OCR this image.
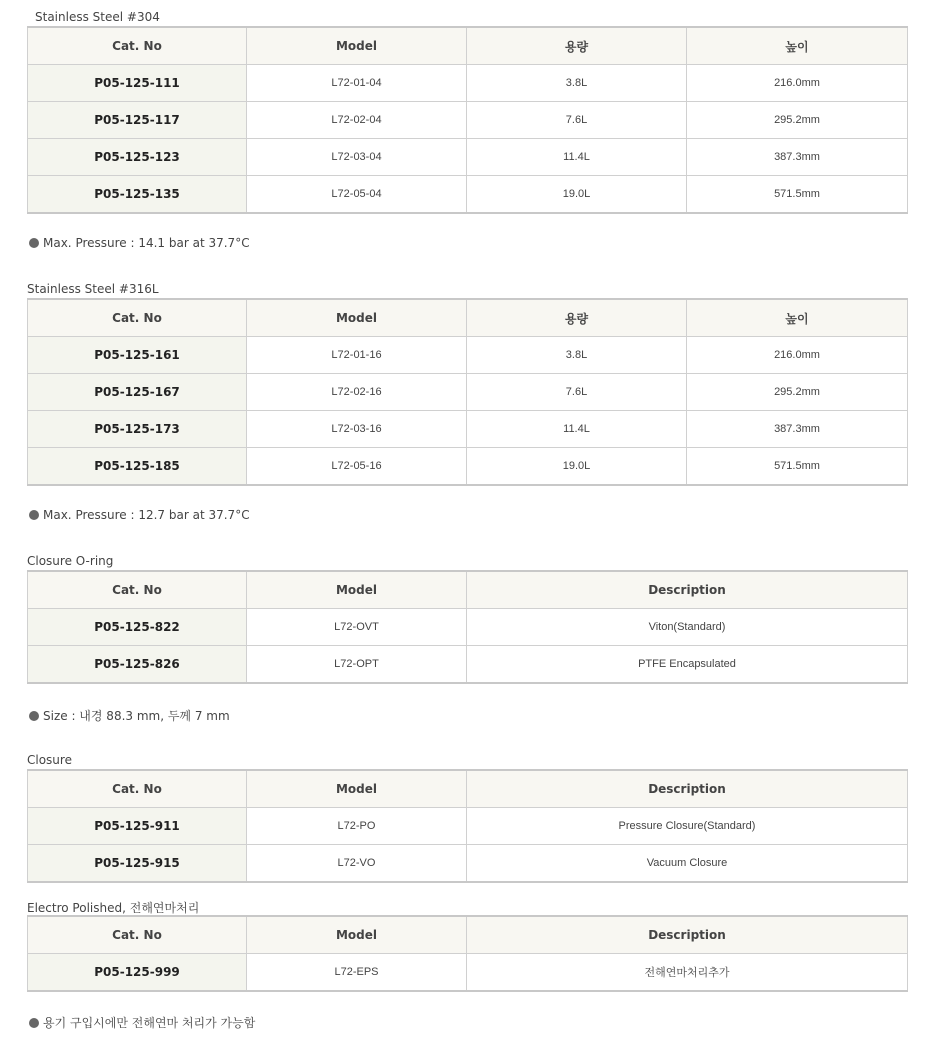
Stainless Steel #304
Cat. No	Model	용량	높이
P05-125-111	L72-01-04	3.8L	216.0mm
P05-125-117	L72-02-04	7.6L	295.2mm
P05-125-123	L72-03-04	11.4L	387.3mm
P05-125-135	L72-05-04	19.0L	571.5mm
Max. Pressure : 14.1 bar at 37.7°C
Stainless Steel #316L
Cat. No	Model	용량	높이
P05-125-161	L72-01-16	3.8L	216.0mm
P05-125-167	L72-02-16	7.6L	295.2mm
P05-125-173	L72-03-16	11.4L	387.3mm
P05-125-185	L72-05-16	19.0L	571.5mm
Max. Pressure : 12.7 bar at 37.7°C
Closure O-ring
Cat. No	Model	Description
P05-125-822	L72-OVT	Viton(Standard)
P05-125-826	L72-OPT	PTFE Encapsulated
Size : 내경 88.3 mm, 두께 7 mm
Closure
Cat. No	Model	Description
P05-125-911	L72-PO	Pressure Closure(Standard)
P05-125-915	L72-VO	Vacuum Closure
Electro Polished, 전해연마처리
Cat. No	Model	Description
P05-125-999	L72-EPS	전해연마처리추가
용기 구입시에만 전해연마 처리가 가능함
